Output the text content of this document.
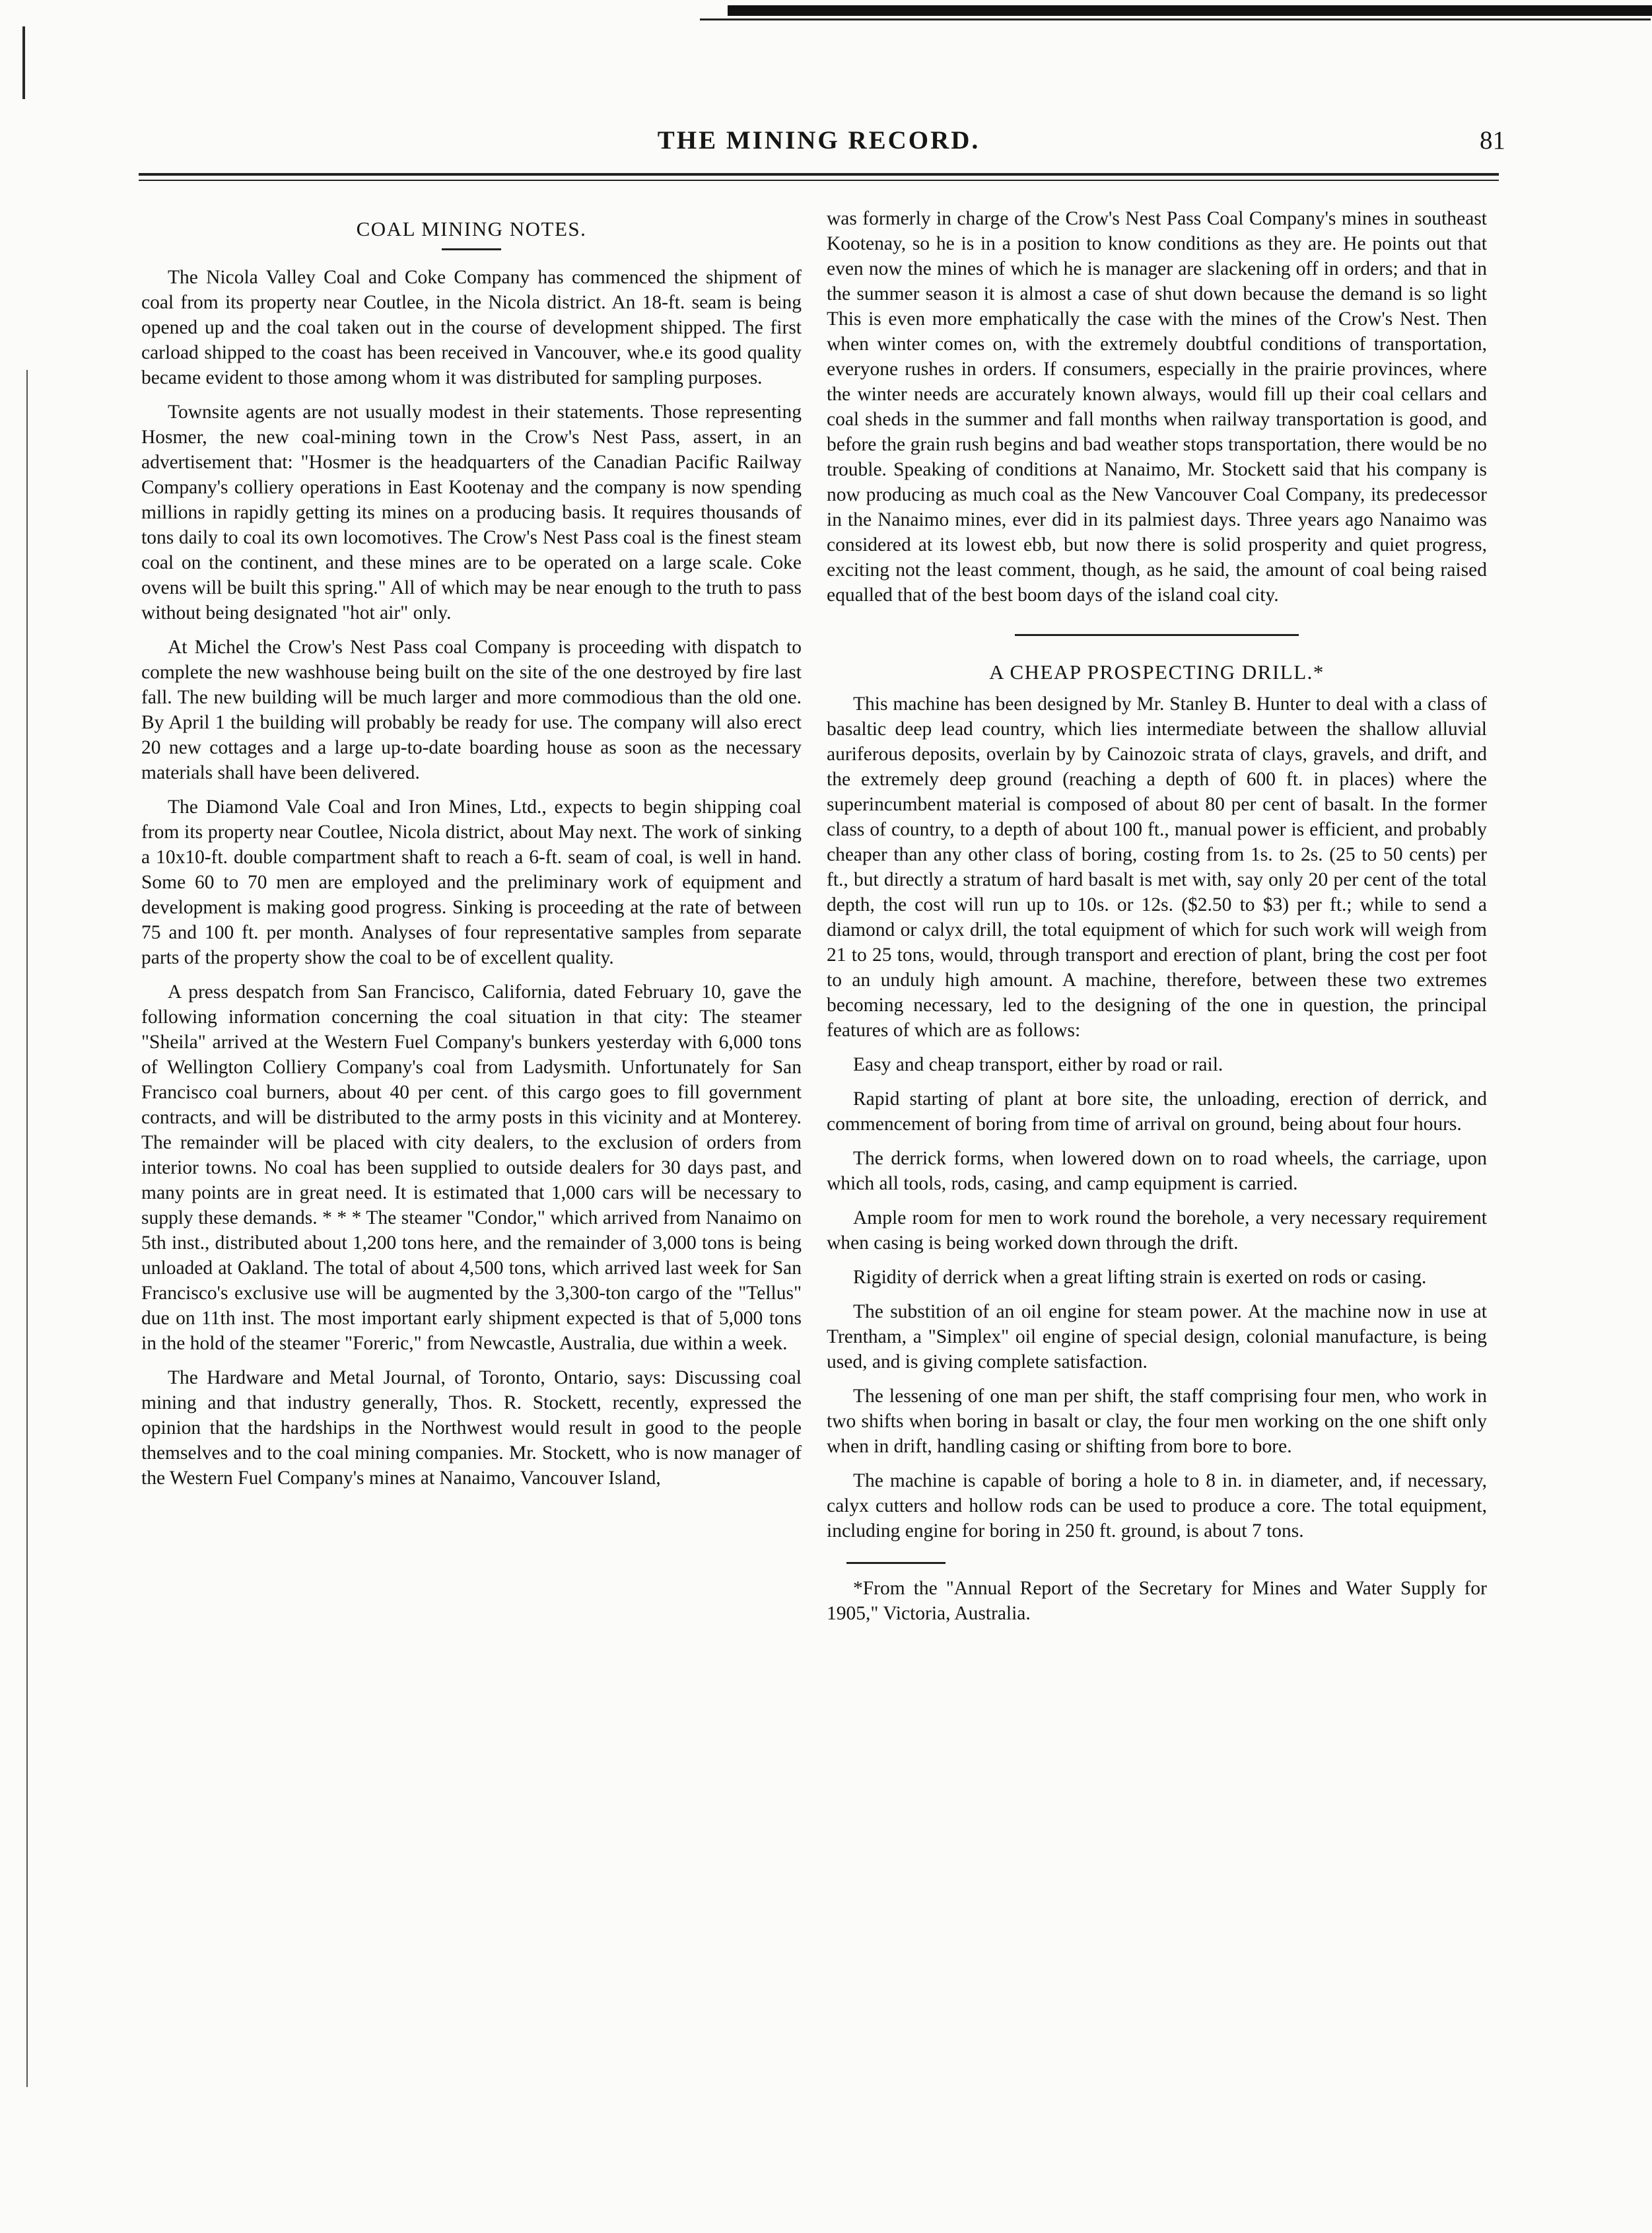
THE MINING RECORD.	81
COAL MINING NOTES.

The Nicola Valley Coal and Coke Company has commenced the shipment of coal from its property near Coutlee, in the Nicola district. An 18-ft. seam is being opened up and the coal taken out in the course of development shipped. The first carload shipped to the coast has been received in Vancouver, whe.e its good quality became evident to those among whom it was distributed for sampling purposes.

Townsite agents are not usually modest in their statements. Those representing Hosmer, the new coal-mining town in the Crow's Nest Pass, assert, in an advertisement that: "Hosmer is the headquarters of the Canadian Pacific Railway Company's colliery operations in East Kootenay and the company is now spending millions in rapidly getting its mines on a producing basis. It requires thousands of tons daily to coal its own locomotives. The Crow's Nest Pass coal is the finest steam coal on the continent, and these mines are to be operated on a large scale. Coke ovens will be built this spring." All of which may be near enough to the truth to pass without being designated "hot air" only.

At Michel the Crow's Nest Pass coal Company is proceeding with dispatch to complete the new washhouse being built on the site of the one destroyed by fire last fall. The new building will be much larger and more commodious than the old one. By April 1 the building will probably be ready for use. The company will also erect 20 new cottages and a large up-to-date boarding house as soon as the necessary materials shall have been delivered.

The Diamond Vale Coal and Iron Mines, Ltd., expects to begin shipping coal from its property near Coutlee, Nicola district, about May next. The work of sinking a 10x10-ft. double compartment shaft to reach a 6-ft. seam of coal, is well in hand. Some 60 to 70 men are employed and the preliminary work of equipment and development is making good progress. Sinking is proceeding at the rate of between 75 and 100 ft. per month. Analyses of four representative samples from separate parts of the property show the coal to be of excellent quality.

A press despatch from San Francisco, California, dated February 10, gave the following information concerning the coal situation in that city: The steamer "Sheila" arrived at the Western Fuel Company's bunkers yesterday with 6,000 tons of Wellington Colliery Company's coal from Ladysmith. Unfortunately for San Francisco coal burners, about 40 per cent. of this cargo goes to fill government contracts, and will be distributed to the army posts in this vicinity and at Monterey. The remainder will be placed with city dealers, to the exclusion of orders from interior towns. No coal has been supplied to outside dealers for 30 days past, and many points are in great need. It is estimated that 1,000 cars will be necessary to supply these demands. * * * The steamer "Condor," which arrived from Nanaimo on 5th inst., distributed about 1,200 tons here, and the remainder of 3,000 tons is being unloaded at Oakland. The total of about 4,500 tons, which arrived last week for San Francisco's exclusive use will be augmented by the 3,300-ton cargo of the "Tellus" due on 11th inst. The most important early shipment expected is that of 5,000 tons in the hold of the steamer "Foreric," from Newcastle, Australia, due within a week.

The Hardware and Metal Journal, of Toronto, Ontario, says: Discussing coal mining and that industry generally, Thos. R. Stockett, recently, expressed the opinion that the hardships in the Northwest would result in good to the people themselves and to the coal mining companies. Mr. Stockett, who is now manager of the Western Fuel Company's mines at Nanaimo, Vancouver Island,

was formerly in charge of the Crow's Nest Pass Coal Company's mines in southeast Kootenay, so he is in a position to know conditions as they are. He points out that even now the mines of which he is manager are slackening off in orders; and that in the summer season it is almost a case of shut down because the demand is so light This is even more emphatically the case with the mines of the Crow's Nest. Then when winter comes on, with the extremely doubtful conditions of transportation, everyone rushes in orders. If consumers, especially in the prairie provinces, where the winter needs are accurately known always, would fill up their coal cellars and coal sheds in the summer and fall months when railway transportation is good, and before the grain rush begins and bad weather stops transportation, there would be no trouble. Speaking of conditions at Nanaimo, Mr. Stockett said that his company is now producing as much coal as the New Vancouver Coal Company, its predecessor in the Nanaimo mines, ever did in its palmiest days. Three years ago Nanaimo was considered at its lowest ebb, but now there is solid prosperity and quiet progress, exciting not the least comment, though, as he said, the amount of coal being raised equalled that of the best boom days of the island coal city.

A CHEAP PROSPECTING DRILL.*

This machine has been designed by Mr. Stanley B. Hunter to deal with a class of basaltic deep lead country, which lies intermediate between the shallow alluvial auriferous deposits, overlain by by Cainozoic strata of clays, gravels, and drift, and the extremely deep ground (reaching a depth of 600 ft. in places) where the superincumbent material is composed of about 80 per cent of basalt. In the former class of country, to a depth of about 100 ft., manual power is efficient, and probably cheaper than any other class of boring, costing from 1s. to 2s. (25 to 50 cents) per ft., but directly a stratum of hard basalt is met with, say only 20 per cent of the total depth, the cost will run up to 10s. or 12s. ($2.50 to $3) per ft.; while to send a diamond or calyx drill, the total equipment of which for such work will weigh from 21 to 25 tons, would, through transport and erection of plant, bring the cost per foot to an unduly high amount. A machine, therefore, between these two extremes becoming necessary, led to the designing of the one in question, the principal features of which are as follows:

Easy and cheap transport, either by road or rail.

Rapid starting of plant at bore site, the unloading, erection of derrick, and commencement of boring from time of arrival on ground, being about four hours.

The derrick forms, when lowered down on to road wheels, the carriage, upon which all tools, rods, casing, and camp equipment is carried.

Ample room for men to work round the borehole, a very necessary requirement when casing is being worked down through the drift.

Rigidity of derrick when a great lifting strain is exerted on rods or casing.

The substition of an oil engine for steam power. At the machine now in use at Trentham, a "Simplex" oil engine of special design, colonial manufacture, is being used, and is giving complete satisfaction.

The lessening of one man per shift, the staff comprising four men, who work in two shifts when boring in basalt or clay, the four men working on the one shift only when in drift, handling casing or shifting from bore to bore.

The machine is capable of boring a hole to 8 in. in diameter, and, if necessary, calyx cutters and hollow rods can be used to produce a core. The total equipment, including engine for boring in 250 ft. ground, is about 7 tons.

*From the "Annual Report of the Secretary for Mines and Water Supply for 1905," Victoria, Australia.
